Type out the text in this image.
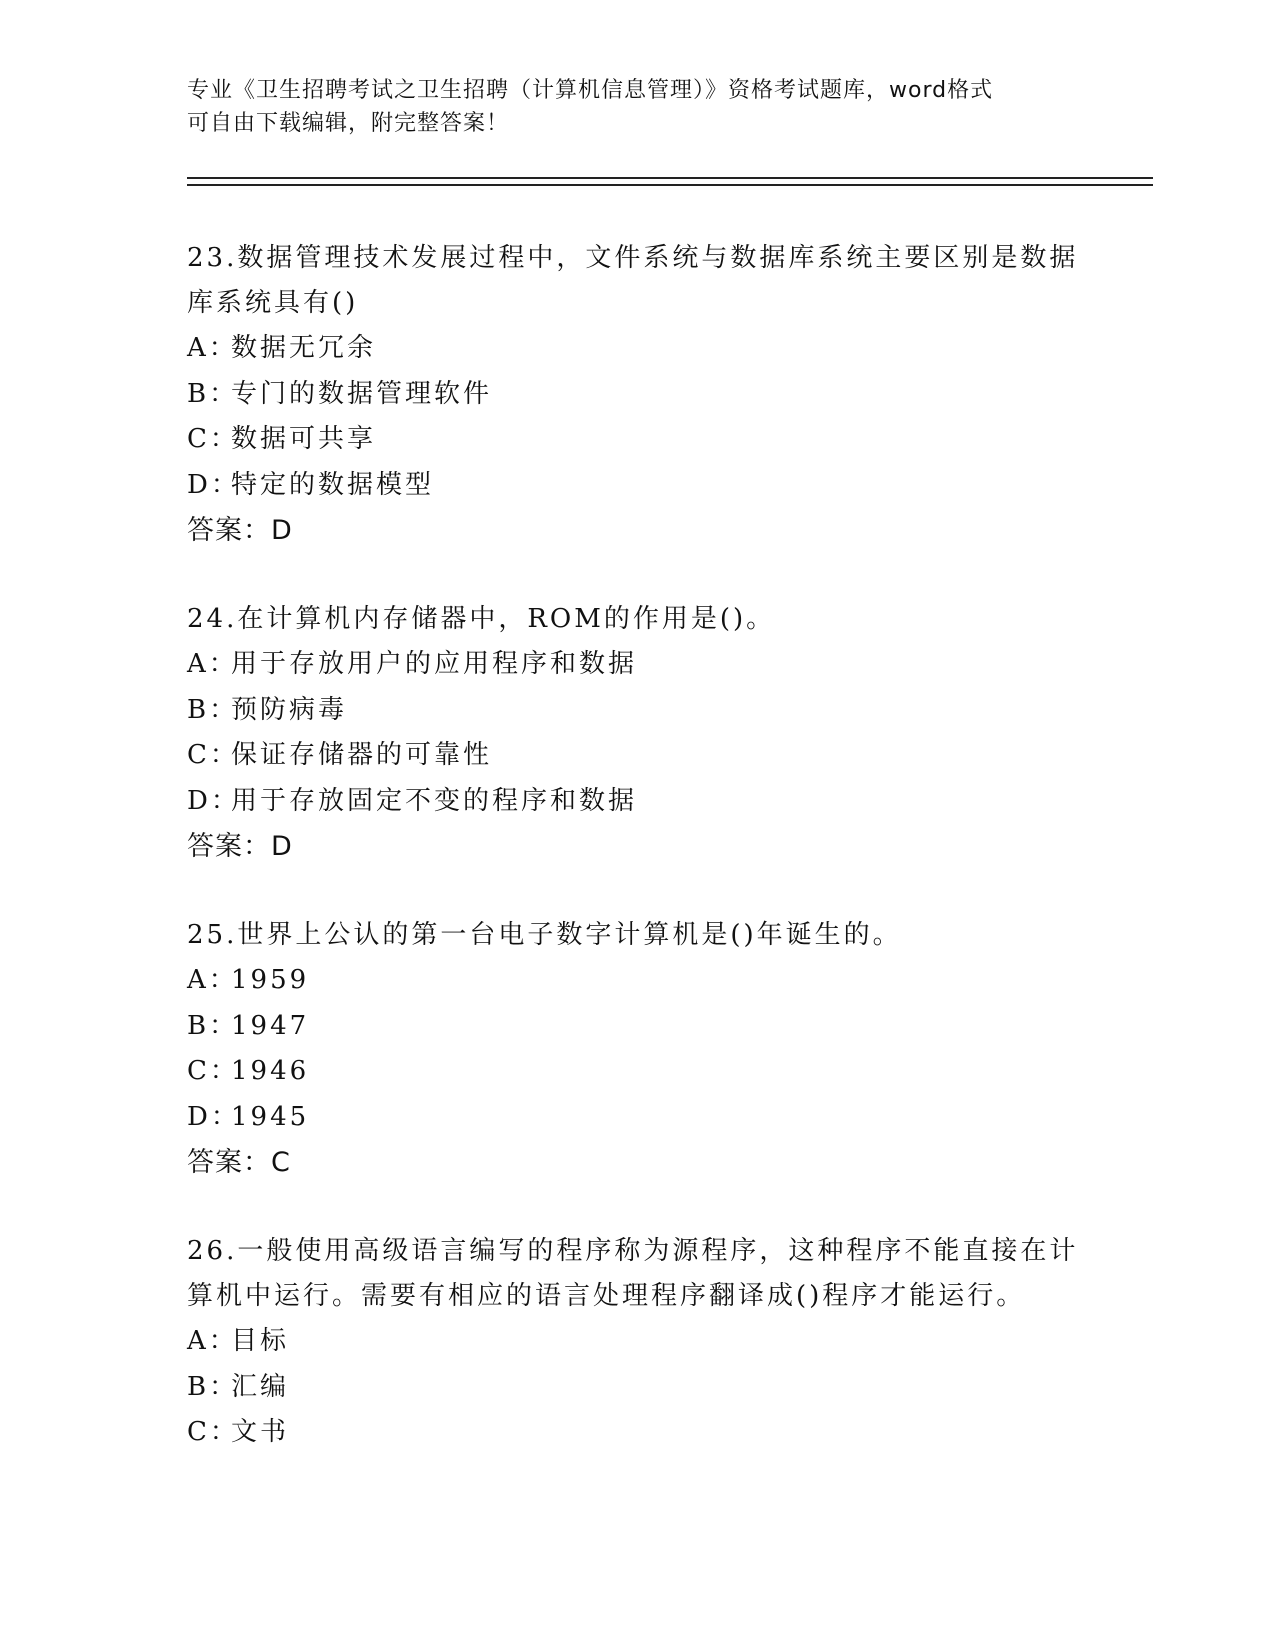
专业《卫生招聘考试之卫生招聘（计算机信息管理）》资格考试题库，word格式
可自由下载编辑，附完整答案！
23.数据管理技术发展过程中，文件系统与数据库系统主要区别是数据库系统具有()
A：数据无冗余
B：专门的数据管理软件
C：数据可共享
D：特定的数据模型
答案：D
24.在计算机内存储器中，ROM的作用是()。
A：用于存放用户的应用程序和数据
B：预防病毒
C：保证存储器的可靠性
D：用于存放固定不变的程序和数据
答案：D
25.世界上公认的第一台电子数字计算机是()年诞生的。
A：1959
B：1947
C：1946
D：1945
答案：C
26.一般使用高级语言编写的程序称为源程序，这种程序不能直接在计算机中运行。需要有相应的语言处理程序翻译成()程序才能运行。
A：目标
B：汇编
C：文书
